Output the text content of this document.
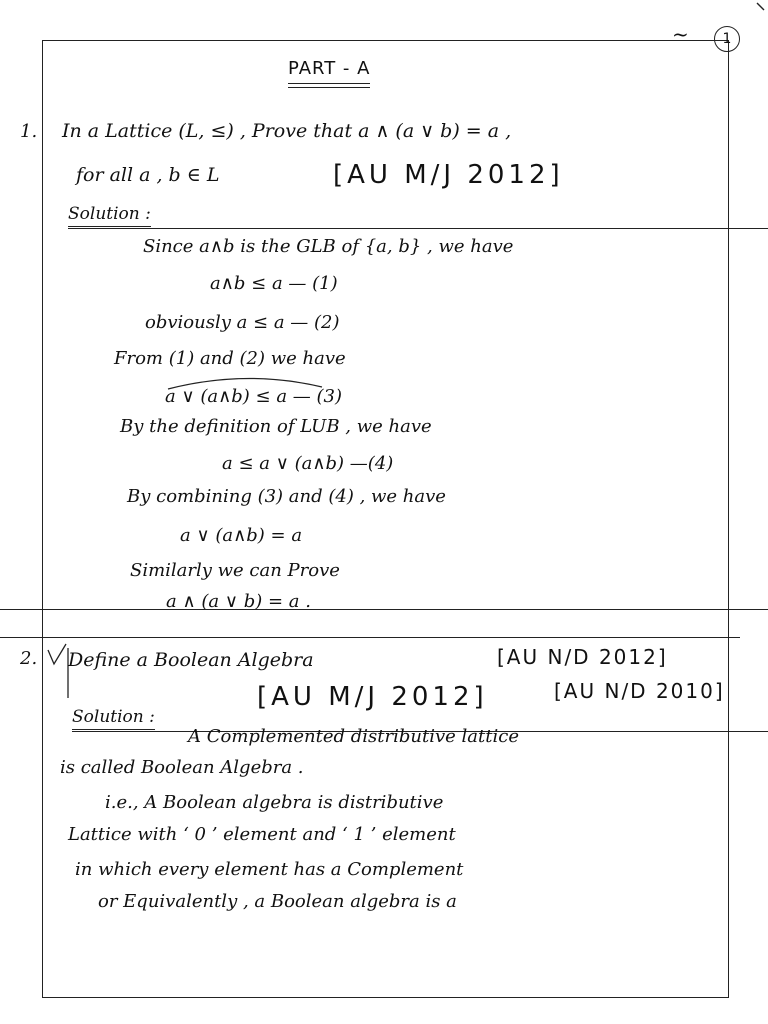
~	1
PART - A
1. In a Lattice (L, ≤) , Prove that a ∧ (a ∨ b) = a ,
for all a , b ∈ L	[AU M/J 2012]
Solution :
Since a∧b is the GLB of {a, b} , we have
a∧b ≤ a — (1)
obviously a ≤ a — (2)
From (1) and (2) we have
a ∨ (a∧b) ≤ a — (3)
By the definition of LUB , we have
a ≤ a ∨ (a∧b) —(4)
By combining (3) and (4) , we have
a ∨ (a∧b) = a
Similarly we can Prove
a ∧ (a ∨ b) = a .
2. Define a Boolean Algebra	[AU N/D 2012]
Solution :
[AU M/J 2012]	[AU N/D 2010]
A Complemented distributive lattice
is called Boolean Algebra .
i.e., A Boolean algebra is distributive
Lattice with ‘ 0 ’ element and ‘ 1 ’ element
in which every element has a Complement
or Equivalently , a Boolean algebra is a
